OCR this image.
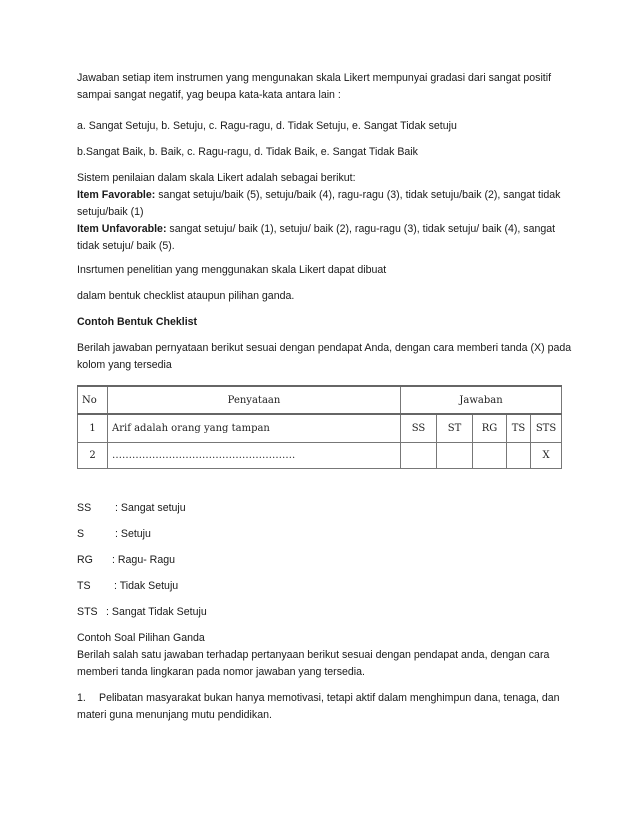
Jawaban setiap item instrumen yang mengunakan skala Likert mempunyai gradasi dari sangat positif
sampai sangat negatif, yag beupa kata-kata antara lain :
a. Sangat Setuju, b. Setuju, c. Ragu-ragu, d. Tidak Setuju, e. Sangat Tidak setuju
b.Sangat Baik, b. Baik, c. Ragu-ragu, d. Tidak Baik, e. Sangat Tidak Baik
Sistem penilaian dalam skala Likert adalah sebagai berikut:
Item Favorable: sangat setuju/baik (5), setuju/baik (4), ragu-ragu (3), tidak setuju/baik (2), sangat tidak
setuju/baik (1)
Item Unfavorable: sangat setuju/ baik (1), setuju/ baik (2), ragu-ragu (3), tidak setuju/ baik (4), sangat
tidak setuju/ baik (5).
Insrtumen penelitian yang menggunakan skala Likert dapat dibuat
dalam bentuk checklist ataupun pilihan ganda.
Contoh Bentuk Cheklist
Berilah jawaban pernyataan berikut sesuai dengan pendapat Anda, dengan cara memberi tanda (X) pada
kolom yang tersedia
No	Penyataan	Jawaban				
1	Arif adalah orang yang tampan	SS	ST	RG	TS	STS
2	……………………………………………….					X
SS : Sangat setuju
S	: Setuju
RG : Ragu- Ragu
TS : Tidak Setuju
STS : Sangat Tidak Setuju
Contoh Soal Pilihan Ganda
Berilah salah satu jawaban terhadap pertanyaan berikut sesuai dengan pendapat anda, dengan cara
memberi tanda lingkaran pada nomor jawaban yang tersedia.
1. Pelibatan masyarakat bukan hanya memotivasi, tetapi aktif dalam menghimpun dana, tenaga, dan
materi guna menunjang mutu pendidikan.
